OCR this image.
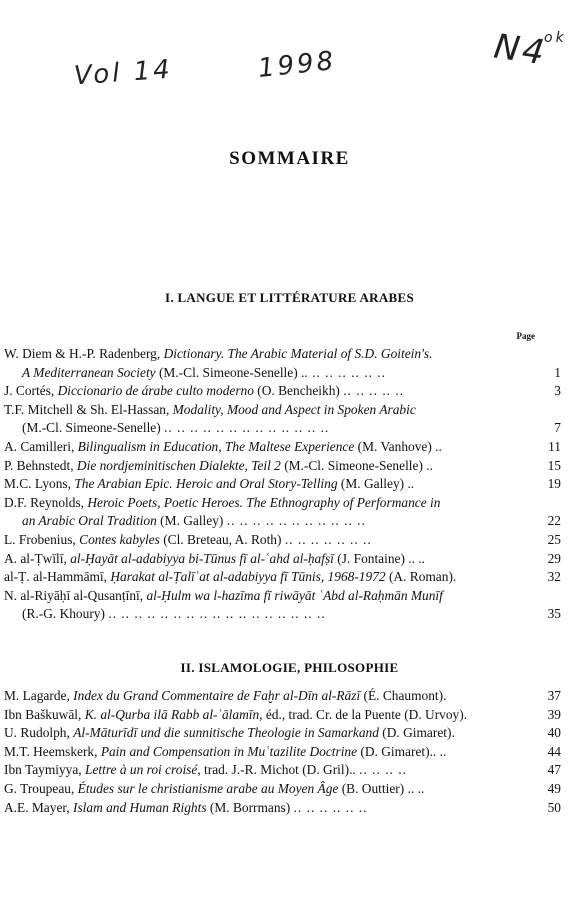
Vol 14	1998	N4
ok
SOMMAIRE
I. LANGUE ET LITTÉRATURE ARABES
Page
W. Diem & H.-P. Radenberg, Dictionary. The Arabic Material of S.D. Goitein's.
A Mediterranean Society (M.-Cl. Simeone-Senelle) .. .. .. .. .. .. ..	1
J. Cortés, Diccionario de árabe culto moderno (O. Bencheikh) .. .. .. .. ..	3
T.F. Mitchell & Sh. El-Hassan, Modality, Mood and Aspect in Spoken Arabic
(M.-Cl. Simeone-Senelle) .. .. .. .. .. .. .. .. .. .. .. .. ..	7
A. Camilleri, Bilingualism in Education, The Maltese Experience (M. Vanhove) ..	11
P. Behnstedt, Die nordjeminitischen Dialekte, Teil 2 (M.-Cl. Simeone-Senelle) ..	15
M.C. Lyons, The Arabian Epic. Heroic and Oral Story-Telling (M. Galley) ..	19
D.F. Reynolds, Heroic Poets, Poetic Heroes. The Ethnography of Performance in
an Arabic Oral Tradition (M. Galley) .. .. .. .. .. .. .. .. .. .. ..	22
L. Frobenius, Contes kabyles (Cl. Breteau, A. Roth) .. .. .. .. .. .. ..	25
A. al-Ṭwīlī, al-Ḥayāt al-adabiyya bi-Tūnus fī al-ʿahd al-ḥafṣī (J. Fontaine) .. ..	29
al-Ṭ. al-Hammāmī, Ḥarakat al-Ṭalīʿat al-adabiyya fī Tūnis, 1968-1972 (A. Roman).	32
N. al-Riyāḥī al-Qusanṭīnī, al-Ḥulm wa l-hazīma fī riwāyāt ʿAbd al-Raḥmān Munīf
(R.-G. Khoury) .. .. .. .. .. .. .. .. .. .. .. .. .. .. .. .. ..	35
II. ISLAMOLOGIE, PHILOSOPHIE
M. Lagarde, Index du Grand Commentaire de Faḫr al-Dīn al-Rāzī (É. Chaumont).	37
Ibn Baškuwāl, K. al-Qurba ilā Rabb al-ʿālamīn, éd., trad. Cr. de la Puente (D. Urvoy).	39
U. Rudolph, Al-Māturīdī und die sunnitische Theologie in Samarkand (D. Gimaret).	40
M.T. Heemskerk, Pain and Compensation in Muʿtazilite Doctrine (D. Gimaret).. ..	44
Ibn Taymiyya, Lettre à un roi croisé, trad. J.-R. Michot (D. Gril).. .. .. .. ..	47
G. Troupeau, Études sur le christianisme arabe au Moyen Âge (B. Outtier) .. ..	49
A.E. Mayer, Islam and Human Rights (M. Borrmans) .. .. .. .. .. ..	50
